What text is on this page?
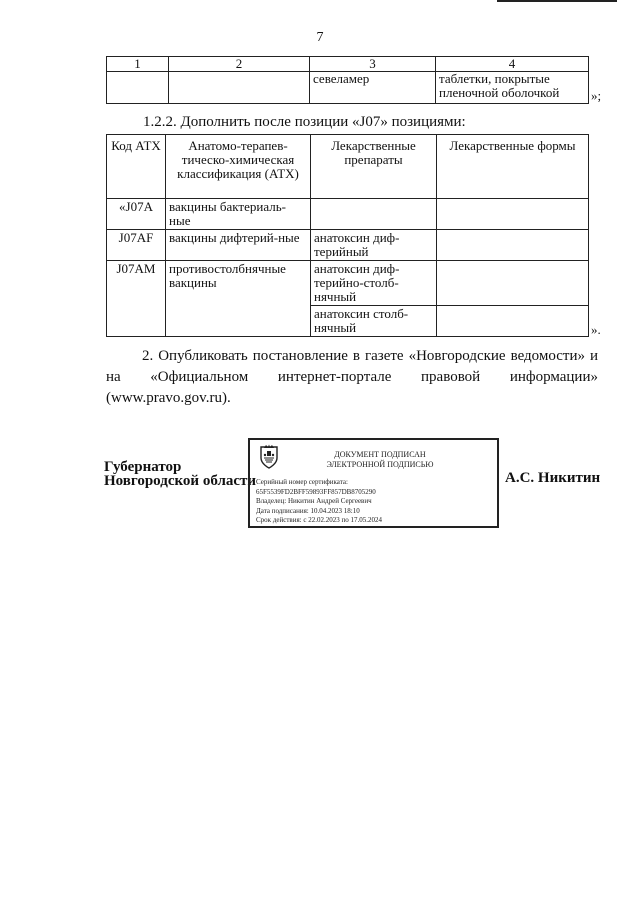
7
1	2	3	4
		севеламер	таблетки, покрытые пленочной оболочкой »;
1.2.2. Дополнить после позиции «J07» позициями:
Код АТХ	Анатомо-терапев-тическо-химическая классификация (АТХ)	Лекарственные препараты	Лекарственные формы
«J07A	вакцины бактериаль-ные		
J07AF	вакцины дифтерий-ные	анатоксин диф-терийный	
J07AM	противостолбнячные вакцины	анатоксин диф-терийно-столб-нячный	
		анатоксин столб-нячный		».
2. Опубликовать постановление в газете «Новгородские ведомости» и
на «Официальном интернет-портале правовой информации» (www.pravo.gov.ru).
Губернатор
Новгородской области
ДОКУМЕНТ ПОДПИСАН
ЭЛЕКТРОННОЙ ПОДПИСЬЮ
Серийный номер сертификата:
65F5539FD2BFF59893FF857DB8705290
Владелец: Никитин Андрей Сергеевич
Дата подписания: 10.04.2023 18:10
Срок действия: с 22.02.2023 по 17.05.2024
А.С. Никитин
